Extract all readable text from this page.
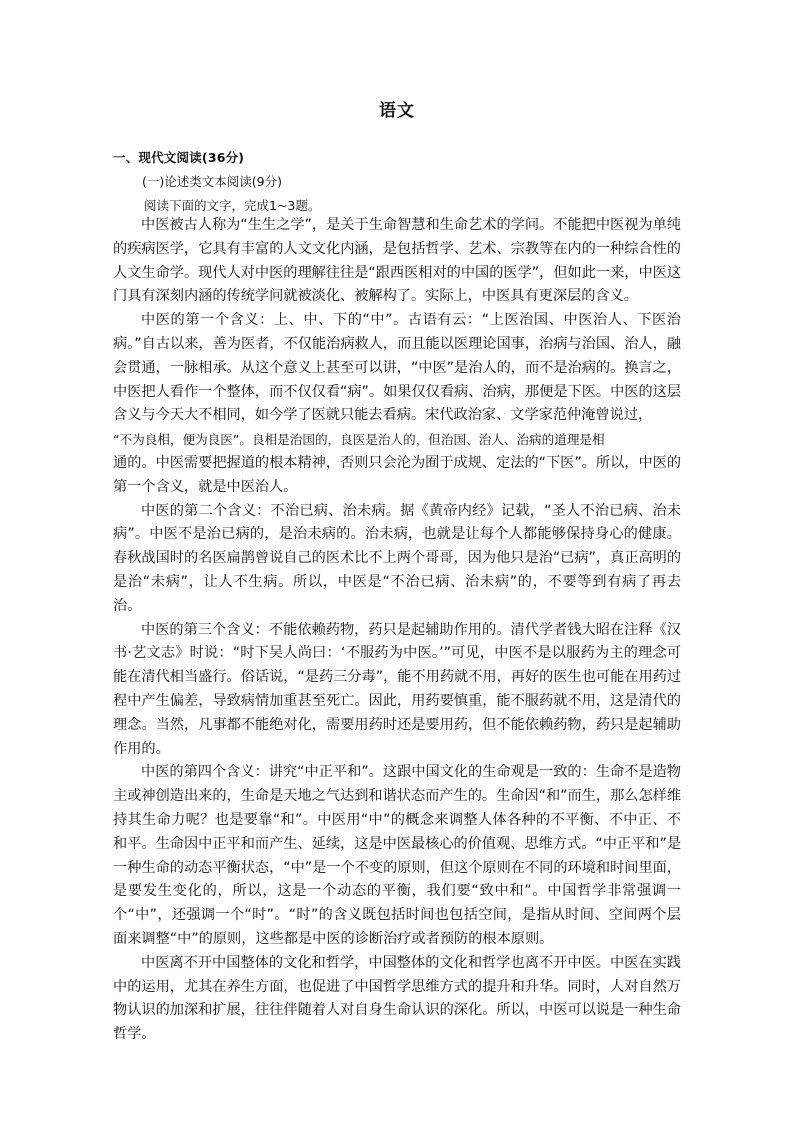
语文
一、现代文阅读(36分)
(一)论述类文本阅读(9分)
阅读下面的文字，完成1~3题。

中医被古人称为“生生之学”，是关于生命智慧和生命艺术的学问。不能把中医视为单纯的疾病医学，它具有丰富的人文文化内涵，是包括哲学、艺术、宗教等在内的一种综合性的人文生命学。现代人对中医的理解往往是“跟西医相对的中国的医学”，但如此一来，中医这门具有深刻内涵的传统学问就被淡化、被解构了。实际上，中医具有更深层的含义。

中医的第一个含义：上、中、下的“中”。古语有云：“上医治国、中医治人、下医治病。”自古以来，善为医者，不仅能治病救人，而且能以医理论国事，治病与治国、治人，融会贯通，一脉相承。从这个意义上甚至可以讲，“中医”是治人的，而不是治病的。换言之，中医把人看作一个整体，而不仅仅看“病”。如果仅仅看病、治病，那便是下医。中医的这层含义与今天大不相同，如今学了医就只能去看病。宋代政治家、文学家范仲淹曾说过，

“不为良相，便为良医”。良相是治国的，良医是治人的，但治国、治人、治病的道理是相

通的。中医需要把握道的根本精神，否则只会沦为囿于成规、定法的“下医”。所以，中医的第一个含义，就是中医治人。

中医的第二个含义：不治已病、治未病。据《黄帝内经》记载，“圣人不治已病、治未病”。中医不是治已病的，是治未病的。治未病，也就是让每个人都能够保持身心的健康。春秋战国时的名医扁鹊曾说自己的医术比不上两个哥哥，因为他只是治“已病”，真正高明的是治“未病”，让人不生病。所以，中医是“不治已病、治未病”的，不要等到有病了再去治。

中医的第三个含义：不能依赖药物，药只是起辅助作用的。清代学者钱大昭在注释《汉书·艺文志》时说：“时下吴人尚曰：‘不服药为中医。’”可见，中医不是以服药为主的理念可能在清代相当盛行。俗话说，“是药三分毒”，能不用药就不用，再好的医生也可能在用药过程中产生偏差，导致病情加重甚至死亡。因此，用药要慎重，能不服药就不用，这是清代的理念。当然，凡事都不能绝对化，需要用药时还是要用药，但不能依赖药物，药只是起辅助作用的。

中医的第四个含义：讲究“中正平和”。这跟中国文化的生命观是一致的：生命不是造物主或神创造出来的，生命是天地之气达到和谐状态而产生的。生命因“和”而生，那么怎样维持其生命力呢？也是要靠“和”。中医用“中”的概念来调整人体各种的不平衡、不中正、不和平。生命因中正平和而产生、延续，这是中医最核心的价值观、思维方式。“中正平和”是一种生命的动态平衡状态，“中”是一个不变的原则，但这个原则在不同的环境和时间里面，是要发生变化的，所以，这是一个动态的平衡，我们要“致中和”。中国哲学非常强调一个“中”，还强调一个“时”。“时”的含义既包括时间也包括空间，是指从时间、空间两个层面来调整“中”的原则，这些都是中医的诊断治疗或者预防的根本原则。

中医离不开中国整体的文化和哲学，中国整体的文化和哲学也离不开中医。中医在实践中的运用，尤其在养生方面，也促进了中国哲学思维方式的提升和升华。同时，人对自然万物认识的加深和扩展，往往伴随着人对自身生命认识的深化。所以，中医可以说是一种生命哲学。
